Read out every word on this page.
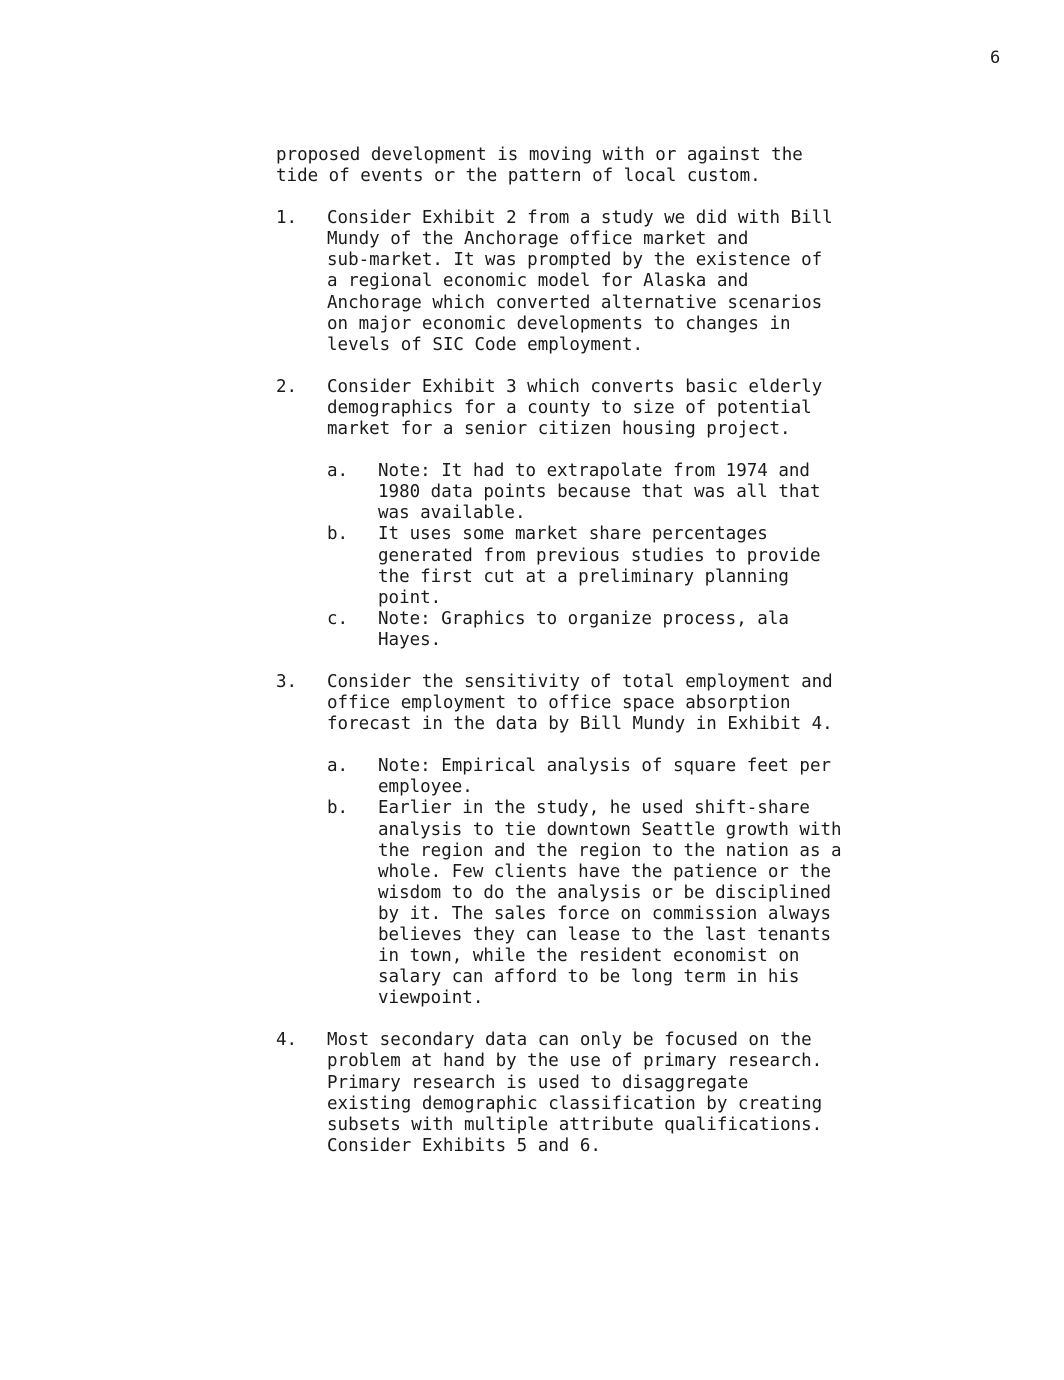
6

proposed development is moving with or against the
tide of events or the pattern of local custom.

1.	Consider Exhibit 2 from a study we did with Bill
Mundy of the Anchorage office market and
sub-market. It was prompted by the existence of
a regional economic model for Alaska and
Anchorage which converted alternative scenarios
on major economic developments to changes in
levels of SIC Code employment.

2.	Consider Exhibit 3 which converts basic elderly
demographics for a county to size of potential
market for a senior citizen housing project.

a.	Note: It had to extrapolate from 1974 and
1980 data points because that was all that
was available.

b.	It uses some market share percentages
generated from previous studies to provide
the first cut at a preliminary planning
point.

c.	Note: Graphics to organize process, ala
Hayes.

3.	Consider the sensitivity of total employment and
office employment to office space absorption
forecast in the data by Bill Mundy in Exhibit 4.

a.	Note: Empirical analysis of square feet per
employee.

b.	Earlier in the study, he used shift-share
analysis to tie downtown Seattle growth with
the region and the region to the nation as a
whole. Few clients have the patience or the
wisdom to do the analysis or be disciplined
by it. The sales force on commission always
believes they can lease to the last tenants
in town, while the resident economist on
salary can afford to be long term in his
viewpoint.

4.	Most secondary data can only be focused on the
problem at hand by the use of primary research.
Primary research is used to disaggregate
existing demographic classification by creating
subsets with multiple attribute qualifications.
Consider Exhibits 5 and 6.
